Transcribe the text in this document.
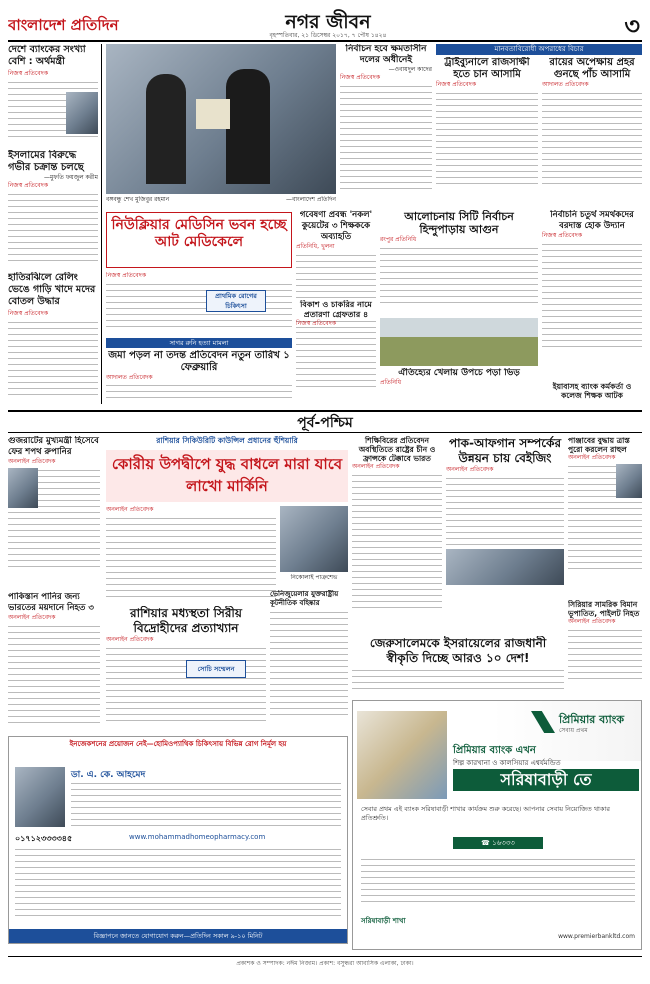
বাংলাদেশ প্রতিদিন	নগর জীবন
বৃহস্পতিবার, ২১ ডিসেম্বর ২০১৭, ৭ পৌষ ১৪২৪	৩
দেশে ব্যাংকের সংখ্যা বেশি : অর্থমন্ত্রী
নিজস্ব প্রতিবেদক
ইসলামের বিরুদ্ধে গভীর চক্রান্ত চলছে
—মুফতি ফয়জুল করীম
নিজস্ব প্রতিবেদক
হাতিরঝিলে রেলিং ভেঙে গাড়ি খাদে মদের বোতল উদ্ধার
নিজস্ব প্রতিবেদক
বঙ্গবন্ধু শেখ মুজিবুর রহমান	—বাংলাদেশ প্রতিদিন
নির্বাচন হবে ক্ষমতাসীন দলের অধীনেই
—ওবায়দুল কাদের
নিজস্ব প্রতিবেদক
মানবতাবিরোধী অপরাধের বিচার
ট্রাইব্যুনালে রাজসাক্ষী হতে চান আসামি
নিজস্ব প্রতিবেদক
রায়ের অপেক্ষায় প্রহর গুনছে পাঁচ আসামি
আদালত প্রতিবেদক
গবেষণা প্রবন্ধ 'নকল' কুয়েটের ৩ শিক্ষককে অব্যাহতি
প্রতিনিধি, খুলনা
আলোচনায় সিটি নির্বাচন হিন্দুপাড়ায় আগুন
রংপুর প্রতিনিধি
নির্বাচনি চতুর্থ সমর্থকদের বরদাস্ত হোক উদ্যান
নিজস্ব প্রতিবেদক
নিউক্লিয়ার মেডিসিন ভবন হচ্ছে আট মেডিকেলে
নিজস্ব প্রতিবেদক
প্রাথমিক রোগের চিকিৎসা
সাগর রুনি হত্যা মামলা
জমা পড়ল না তদন্ত প্রতিবেদন নতুন তারিখ ১ ফেব্রুয়ারি
আদালত প্রতিবেদক
বিকাশ ও চাকরির নামে প্রতারণা গ্রেফতার ৪
নিজস্ব প্রতিবেদক
ঐতিহ্যের খেলায় উপচে পড়া ভিড়
প্রতিনিধি	ইয়াবাসহ ব্যাংক কর্মকর্তা ও কলেজ শিক্ষক আটক
পূর্ব-পশ্চিম
গুজরাটের মুখ্যমন্ত্রী হিসেবে ফের শপথ রুপানির
অনলাইন প্রতিবেদক
পাকিস্তান পানির জন্য ভারতের ময়দানে নিহত ৩
অনলাইন প্রতিবেদক
রাশিয়ার সিকিউরিটি কাউন্সিল প্রধানের হুঁশিয়ারি
কোরীয় উপদ্বীপে যুদ্ধ বাধলে মারা যাবে লাখো মার্কিনি
অনলাইন প্রতিবেদক
নিকোলাই পাত্রুশেভ
রাশিয়ার মধ্যস্থতা সিরীয় বিদ্রোহীদের প্রত্যাখ্যান
অনলাইন প্রতিবেদক
সোচি সম্মেলন
ভেনিজুয়েলার যুক্তরাষ্ট্রীয় কূটনীতিক বহিষ্কার
শিক্ষিবিরের প্রতিবেদন অবস্থিতিতে রাষ্ট্রের চীন ও ফ্রান্সকে টেক্কাবে ভারত
অনলাইন প্রতিবেদক
পাক-আফগান সম্পর্কের উন্নয়ন চায় বেইজিং
অনলাইন প্রতিবেদক
জেরুসালেমকে ইসরায়েলের রাজধানী স্বীকৃতি দিচ্ছে আরও ১০ দেশ!
পাঞ্জাবের বুদ্ধায় ত্রাস্ত পুরো করলেন রাহুল
অনলাইন প্রতিবেদক
সিরিয়ার সামরিক বিমান ভূপাতিত, পাইলট নিহত
অনলাইন প্রতিবেদক
প্রিমিয়ার ব্যাংক
সেবায় প্রথম
প্রিমিয়ার ব্যাংক এখন
শিল্প কারখানা ও কালসিয়ার এশ্বর্যমন্ডিত
সরিষাবাড়ী তে
সেবার প্রথম এই ব্যাংক সরিষাবাড়ী শাখার কার্যক্রম শুরু করেছে। আপনার সেবায় নিয়োজিত থাকার প্রতিশ্রুতি।
☎ ১৬৩৩৩
সরিষাবাড়ী শাখা
www.premierbankltd.com
ইনজেকশনের প্রয়োজন নেই—হোমিওপ্যাথিক চিকিৎসায় বিভিন্ন রোগ নির্মূল হয়
ডা. এ. কে. আহমেদ
০১৭১২৩৩৩৩৪৫	www.mohammadhomeopharmacy.com
বিজ্ঞাপনে জানতে যোগাযোগ করুন—প্রতিদিন সকাল ৯-১০ মিনিট
প্রকাশক ও সম্পাদক: নঈম নিজাম। প্রকাশ: বসুন্ধরা আবাসিক এলাকা, ঢাকা।
